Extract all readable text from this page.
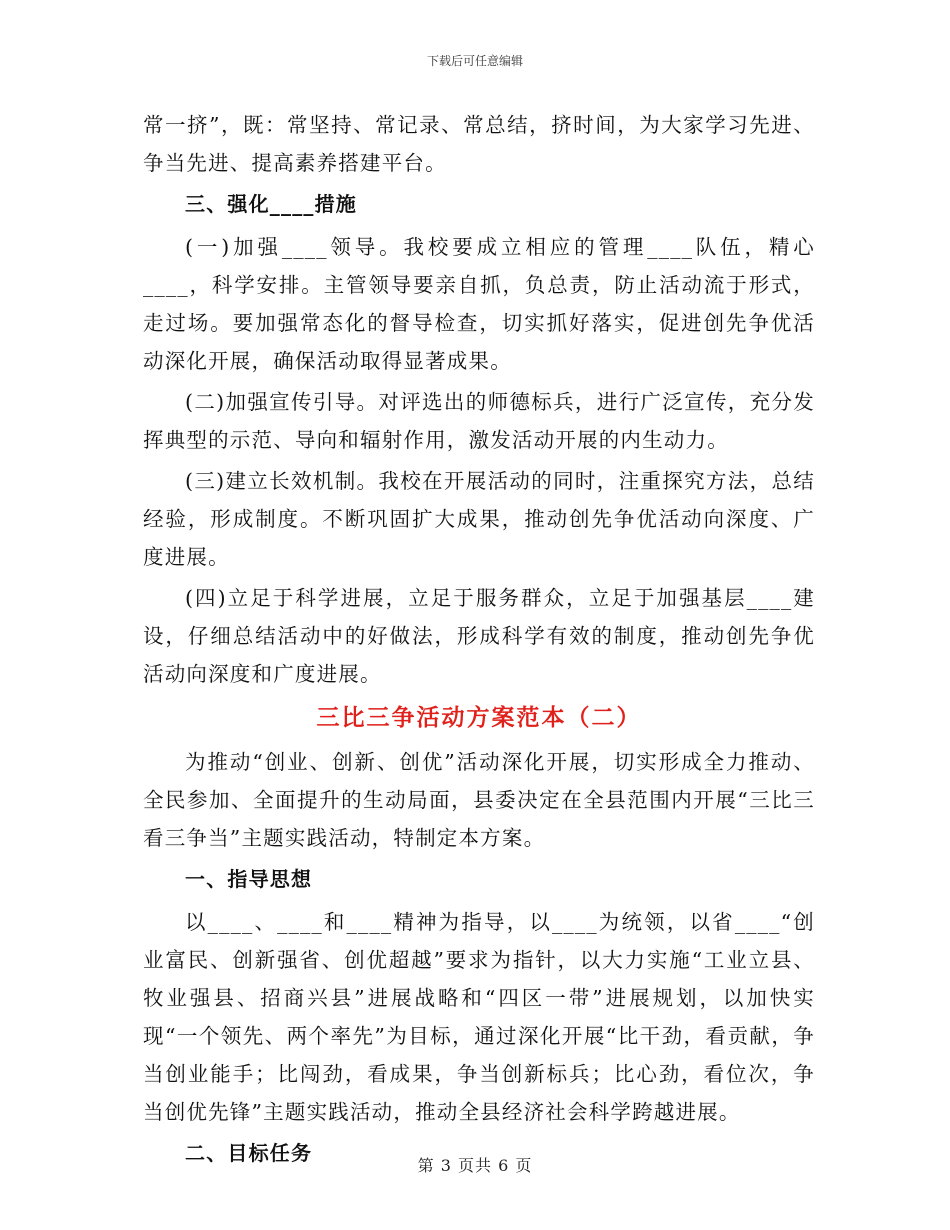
下载后可任意编辑

常一挤”，既：常坚持、常记录、常总结，挤时间，为大家学习先进、争当先进、提高素养搭建平台。

三、强化____措施

(一)加强____领导。我校要成立相应的管理____队伍，精心____，科学安排。主管领导要亲自抓，负总责，防止活动流于形式，走过场。要加强常态化的督导检查，切实抓好落实，促进创先争优活动深化开展，确保活动取得显著成果。

(二)加强宣传引导。对评选出的师德标兵，进行广泛宣传，充分发挥典型的示范、导向和辐射作用，激发活动开展的内生动力。

(三)建立长效机制。我校在开展活动的同时，注重探究方法，总结经验，形成制度。不断巩固扩大成果，推动创先争优活动向深度、广度进展。

(四)立足于科学进展，立足于服务群众，立足于加强基层____建设，仔细总结活动中的好做法，形成科学有效的制度，推动创先争优活动向深度和广度进展。

三比三争活动方案范本（二）

为推动“创业、创新、创优”活动深化开展，切实形成全力推动、全民参加、全面提升的生动局面，县委决定在全县范围内开展“三比三看三争当”主题实践活动，特制定本方案。

一、指导思想

以____、____和____精神为指导，以____为统领，以省____“创业富民、创新强省、创优超越”要求为指针，以大力实施“工业立县、牧业强县、招商兴县”进展战略和“四区一带”进展规划，以加快实现“一个领先、两个率先”为目标，通过深化开展“比干劲，看贡献，争当创业能手；比闯劲，看成果，争当创新标兵；比心劲，看位次，争当创优先锋”主题实践活动，推动全县经济社会科学跨越进展。

二、目标任务

第 3 页共 6 页
